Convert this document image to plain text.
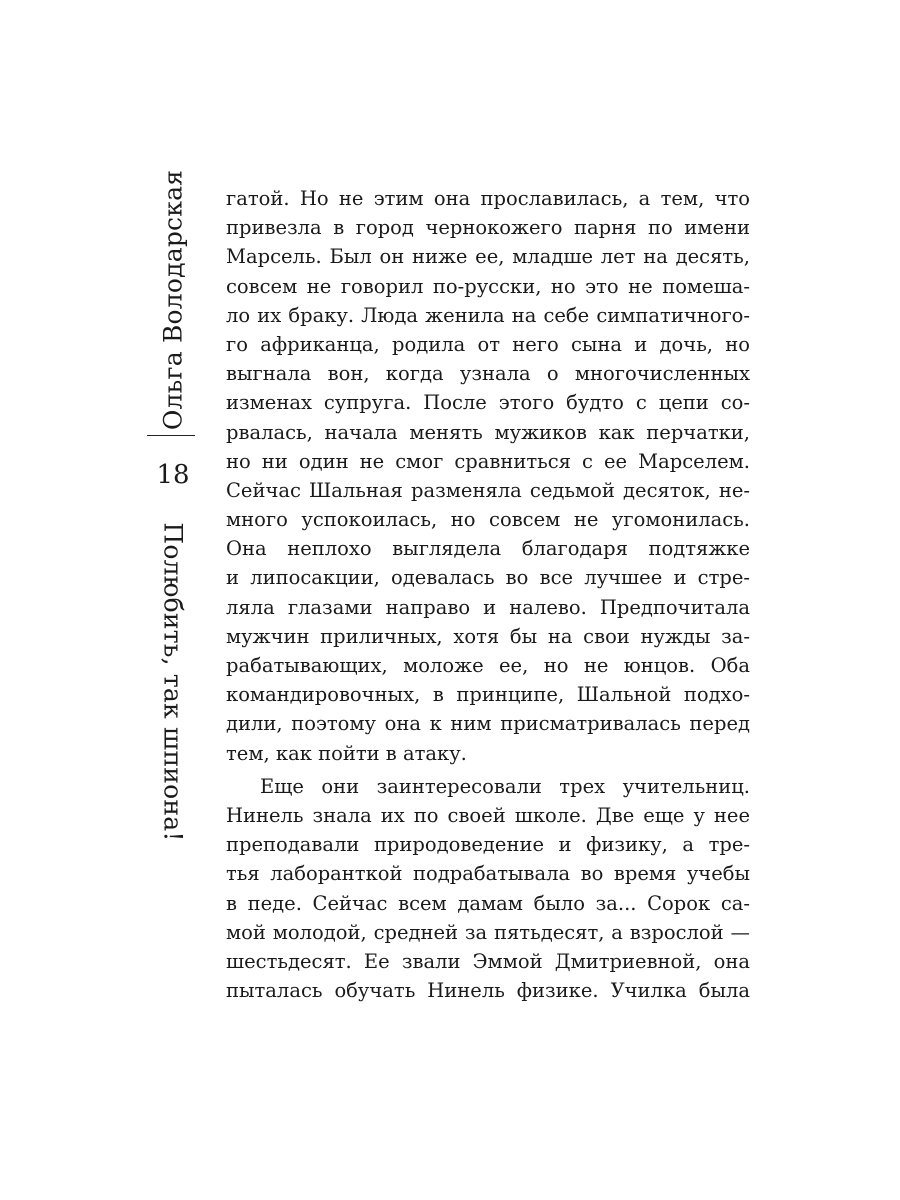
Ольга Володарская
18
Полюбить, так шпиона!

гатой. Но не этим она прославилась, а тем, что
привезла в город чернокожего парня по имени
Марсель. Был он ниже ее, младше лет на десять,
совсем не говорил по-русски, но это не помеша-
ло их браку. Люда женила на себе симпатичного-
го африканца, родила от него сына и дочь, но
выгнала вон, когда узнала о многочисленных
изменах супруга. После этого будто с цепи со-
рвалась, начала менять мужиков как перчатки,
но ни один не смог сравниться с ее Марселем.
Сейчас Шальная разменяла седьмой десяток, не-
много успокоилась, но совсем не угомонилась.
Она неплохо выглядела благодаря подтяжке
и липосакции, одевалась во все лучшее и стре-
ляла глазами направо и налево. Предпочитала
мужчин приличных, хотя бы на свои нужды за-
рабатывающих, моложе ее, но не юнцов. Оба
командировочных, в принципе, Шальной подхо-
дили, поэтому она к ним присматривалась перед
тем, как пойти в атаку.

Еще они заинтересовали трех учительниц.
Нинель знала их по своей школе. Две еще у нее
преподавали природоведение и физику, а тре-
тья лаборанткой подрабатывала во время учебы
в педе. Сейчас всем дамам было за... Сорок са-
мой молодой, средней за пятьдесят, а взрослой —
шестьдесят. Ее звали Эммой Дмитриевной, она
пыталась обучать Нинель физике. Училка была
